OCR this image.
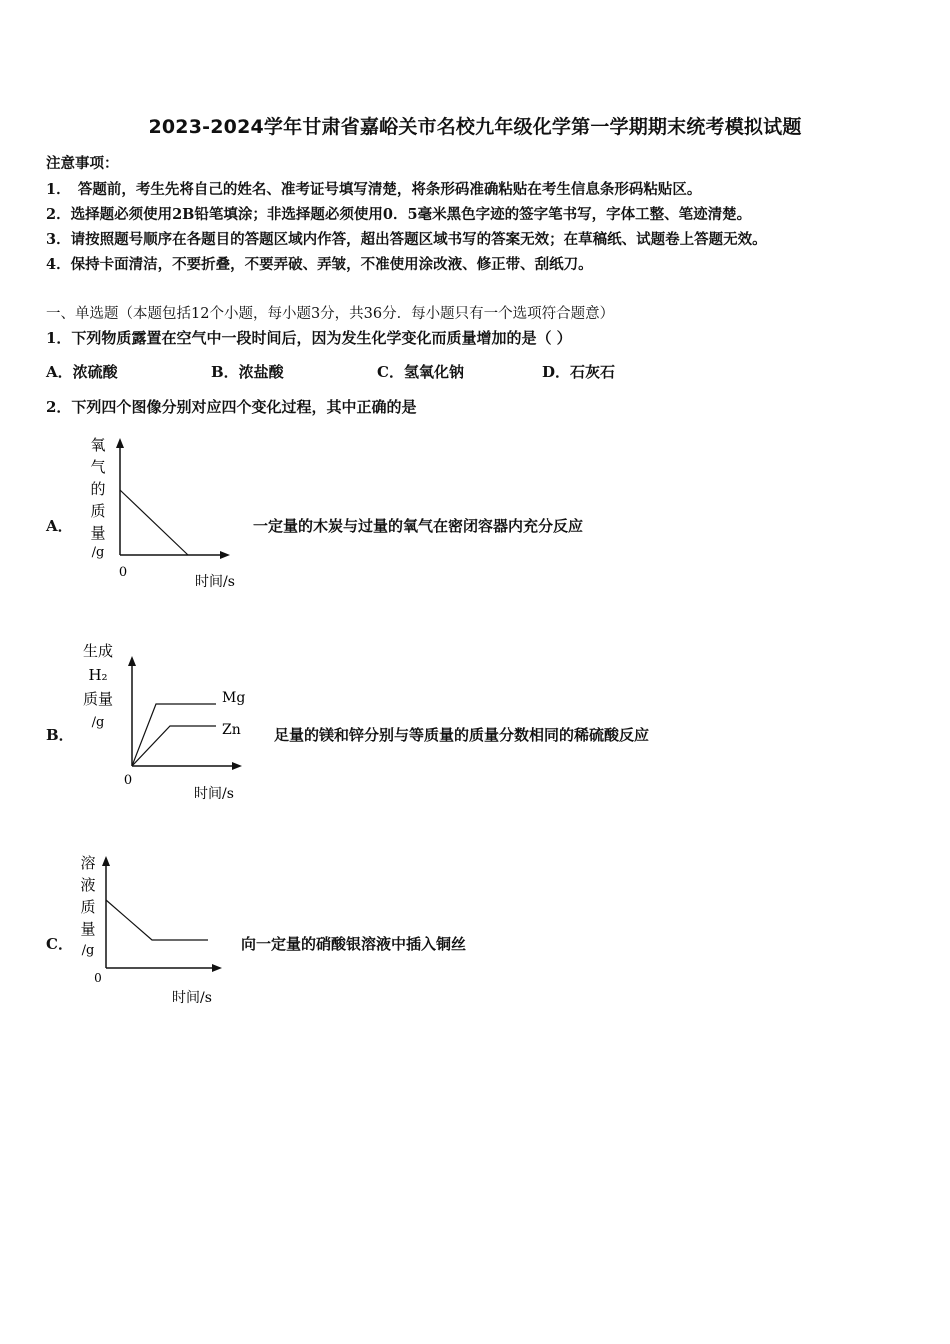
2023-2024学年甘肃省嘉峪关市名校九年级化学第一学期期末统考模拟试题
注意事项：
1．　答题前，考生先将自己的姓名、准考证号填写清楚，将条形码准确粘贴在考生信息条形码粘贴区。
2．选择题必须使用2B铅笔填涂；非选择题必须使用0．5毫米黑色字迹的签字笔书写，字体工整、笔迹清楚。
3．请按照题号顺序在各题目的答题区域内作答，超出答题区域书写的答案无效；在草稿纸、试题卷上答题无效。
4．保持卡面清洁，不要折叠，不要弄破、弄皱，不准使用涂改液、修正带、刮纸刀。
一、单选题（本题包括12个小题，每小题3分，共36分．每小题只有一个选项符合题意）
1．下列物质露置在空气中一段时间后，因为发生化学变化而质量增加的是（ ）
A．浓硫酸	B．浓盐酸	C．氢氧化钠	D．石灰石
2．下列四个图像分别对应四个变化过程，其中正确的是
A．
氧
气
的
质
量
/g
0
时间/s
一定量的木炭与过量的氧气在密闭容器内充分反应
B．
生成
H₂
质量
/g
Mg
Zn
0
时间/s
足量的镁和锌分别与等质量的质量分数相同的稀硫酸反应
C．
溶
液
质
量
/g
0
时间/s
向一定量的硝酸银溶液中插入铜丝
